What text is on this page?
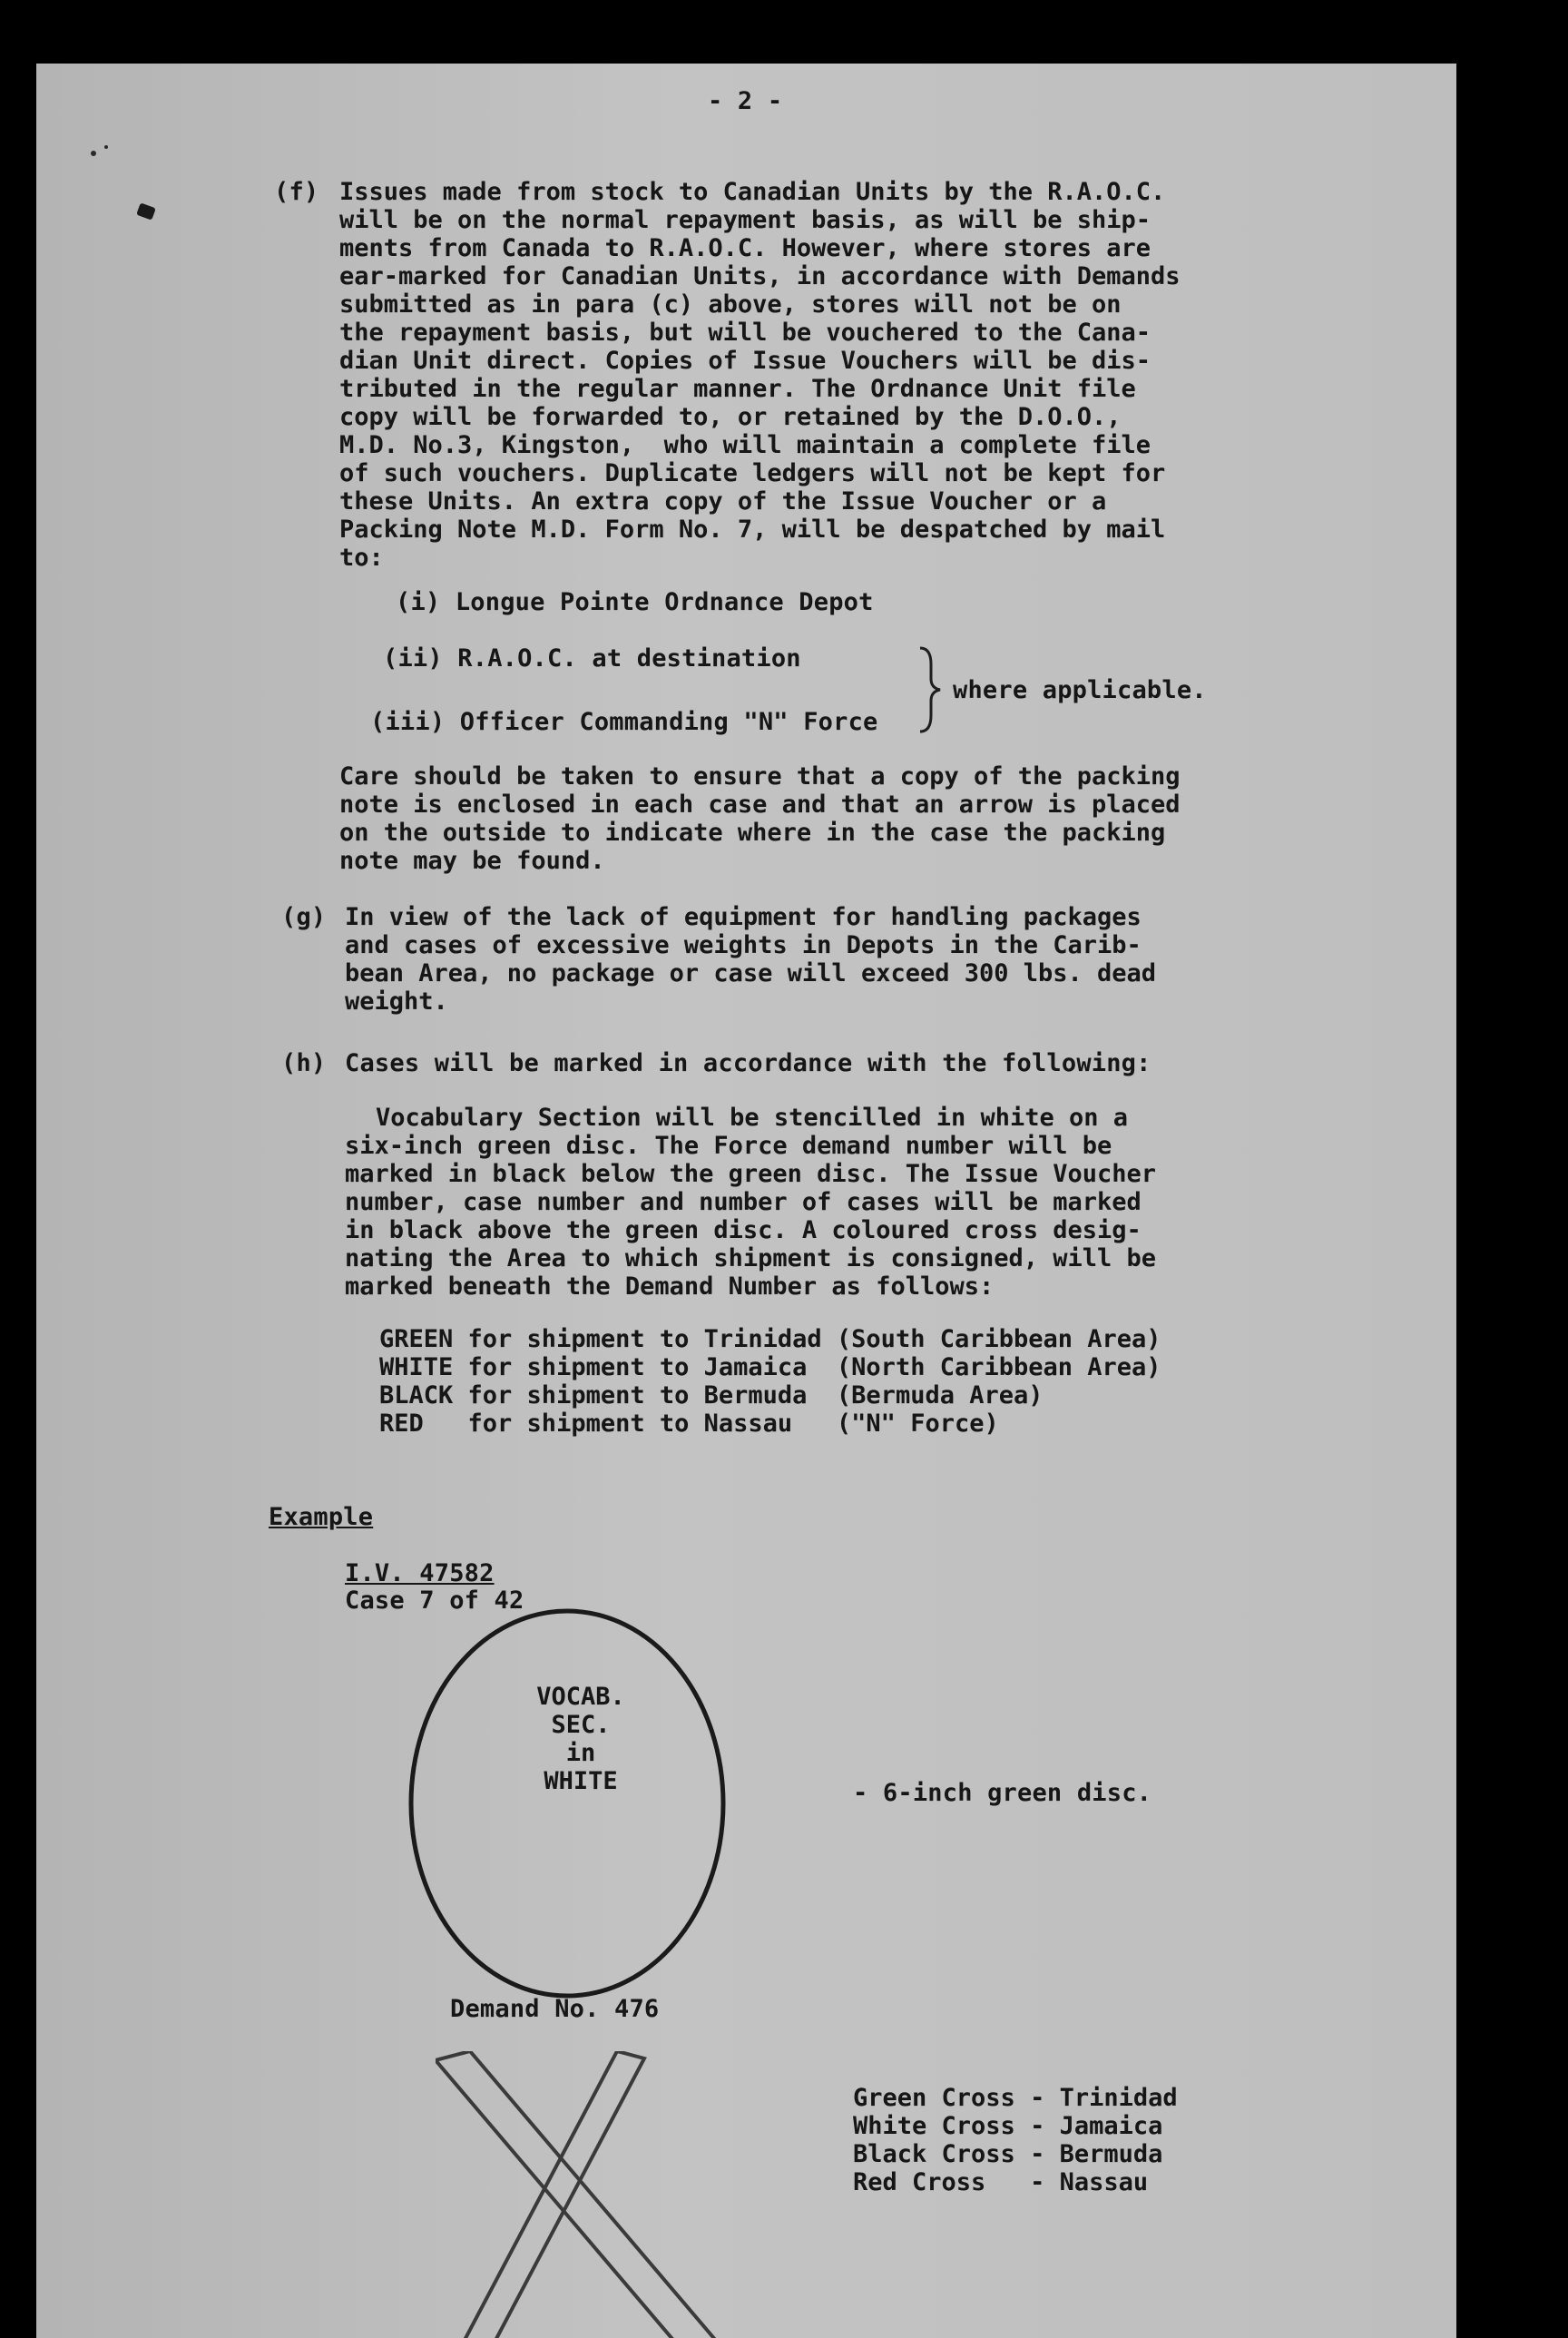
- 2 -
(f) Issues made from stock to Canadian Units by the R.A.O.C.
will be on the normal repayment basis, as will be ship-
ments from Canada to R.A.O.C. However, where stores are
ear-marked for Canadian Units, in accordance with Demands
submitted as in para (c) above, stores will not be on
the repayment basis, but will be vouchered to the Cana-
dian Unit direct. Copies of Issue Vouchers will be dis-
tributed in the regular manner. The Ordnance Unit file
copy will be forwarded to, or retained by the D.O.O.,
M.D. No.3, Kingston,  who will maintain a complete file
of such vouchers. Duplicate ledgers will not be kept for
these Units. An extra copy of the Issue Voucher or a
Packing Note M.D. Form No. 7, will be despatched by mail
to:
(i) Longue Pointe Ordnance Depot
(ii) R.A.O.C. at destination
(iii) Officer Commanding "N" Force
where applicable.
Care should be taken to ensure that a copy of the packing
note is enclosed in each case and that an arrow is placed
on the outside to indicate where in the case the packing
note may be found.
(g) In view of the lack of equipment for handling packages
and cases of excessive weights in Depots in the Carib-
bean Area, no package or case will exceed 300 lbs. dead
weight.
(h) Cases will be marked in accordance with the following:
Vocabulary Section will be stencilled in white on a
six-inch green disc. The Force demand number will be
marked in black below the green disc. The Issue Voucher
number, case number and number of cases will be marked
in black above the green disc. A coloured cross desig-
nating the Area to which shipment is consigned, will be
marked beneath the Demand Number as follows:
GREEN for shipment to Trinidad (South Caribbean Area)
WHITE for shipment to Jamaica  (North Caribbean Area)
BLACK for shipment to Bermuda  (Bermuda Area)
RED   for shipment to Nassau   ("N" Force)
Example
I.V. 47582
Case 7 of 42
VOCAB.
SEC.
in
WHITE	- 6-inch green disc.
Demand No. 476
Green Cross - Trinidad
White Cross - Jamaica
Black Cross - Bermuda
Red Cross   - Nassau
